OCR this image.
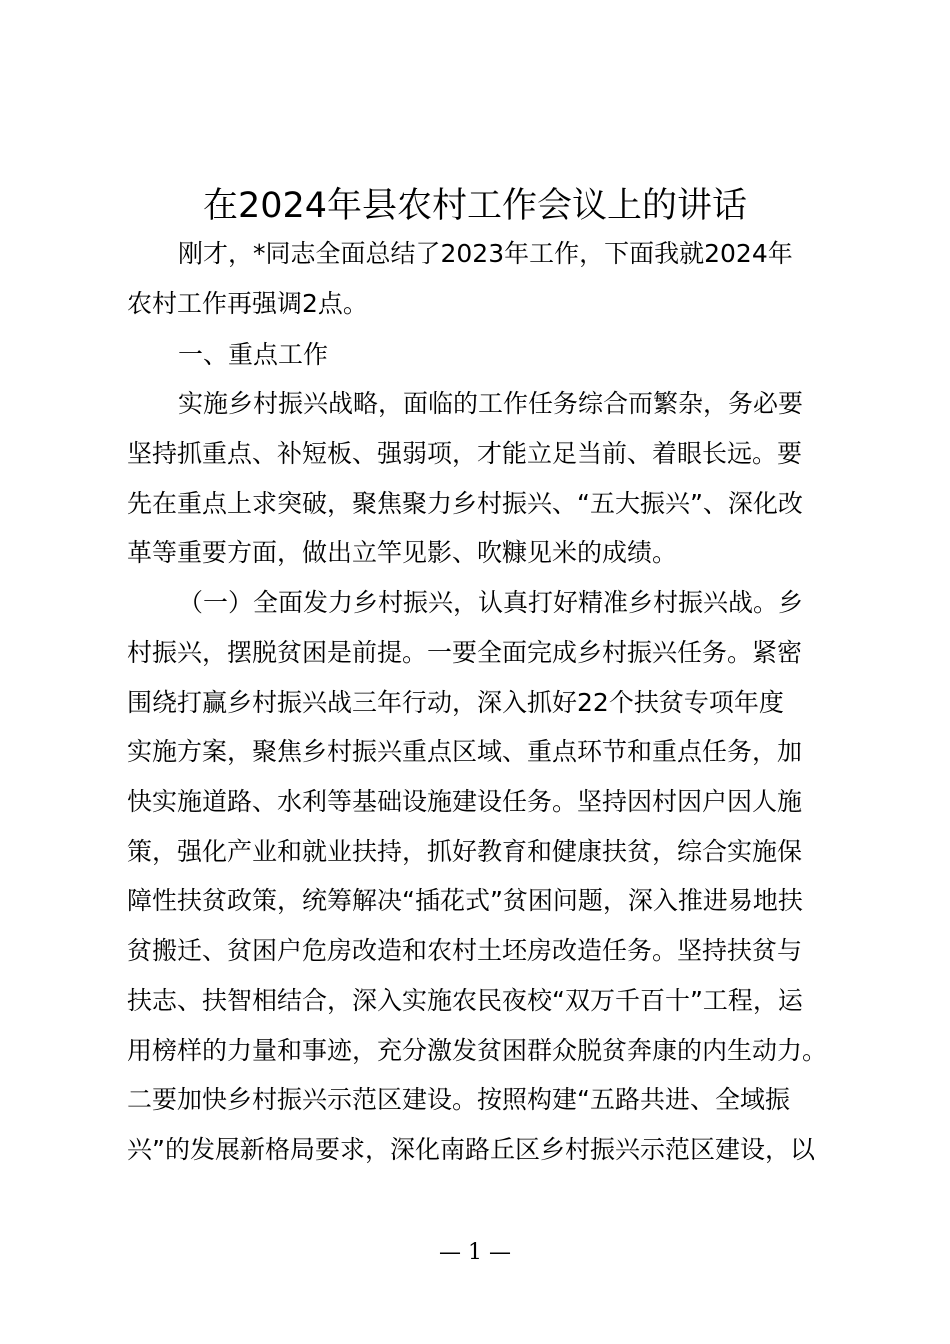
在2024年县农村工作会议上的讲话
刚才，*同志全面总结了2023年工作，下面我就2024年
农村工作再强调2点。
一、重点工作
实施乡村振兴战略，面临的工作任务综合而繁杂，务必要
坚持抓重点、补短板、强弱项，才能立足当前、着眼长远。要
先在重点上求突破，聚焦聚力乡村振兴、“五大振兴”、深化改
革等重要方面，做出立竿见影、吹糠见米的成绩。
（一）全面发力乡村振兴，认真打好精准乡村振兴战。乡
村振兴，摆脱贫困是前提。一要全面完成乡村振兴任务。紧密
围绕打赢乡村振兴战三年行动，深入抓好22个扶贫专项年度
实施方案，聚焦乡村振兴重点区域、重点环节和重点任务，加
快实施道路、水利等基础设施建设任务。坚持因村因户因人施
策，强化产业和就业扶持，抓好教育和健康扶贫，综合实施保
障性扶贫政策，统筹解决“插花式”贫困问题，深入推进易地扶
贫搬迁、贫困户危房改造和农村土坯房改造任务。坚持扶贫与
扶志、扶智相结合，深入实施农民夜校“双万千百十”工程，运
用榜样的力量和事迹，充分激发贫困群众脱贫奔康的内生动力。
二要加快乡村振兴示范区建设。按照构建“五路共进、全域振
兴”的发展新格局要求，深化南路丘区乡村振兴示范区建设，以
— 1 —
